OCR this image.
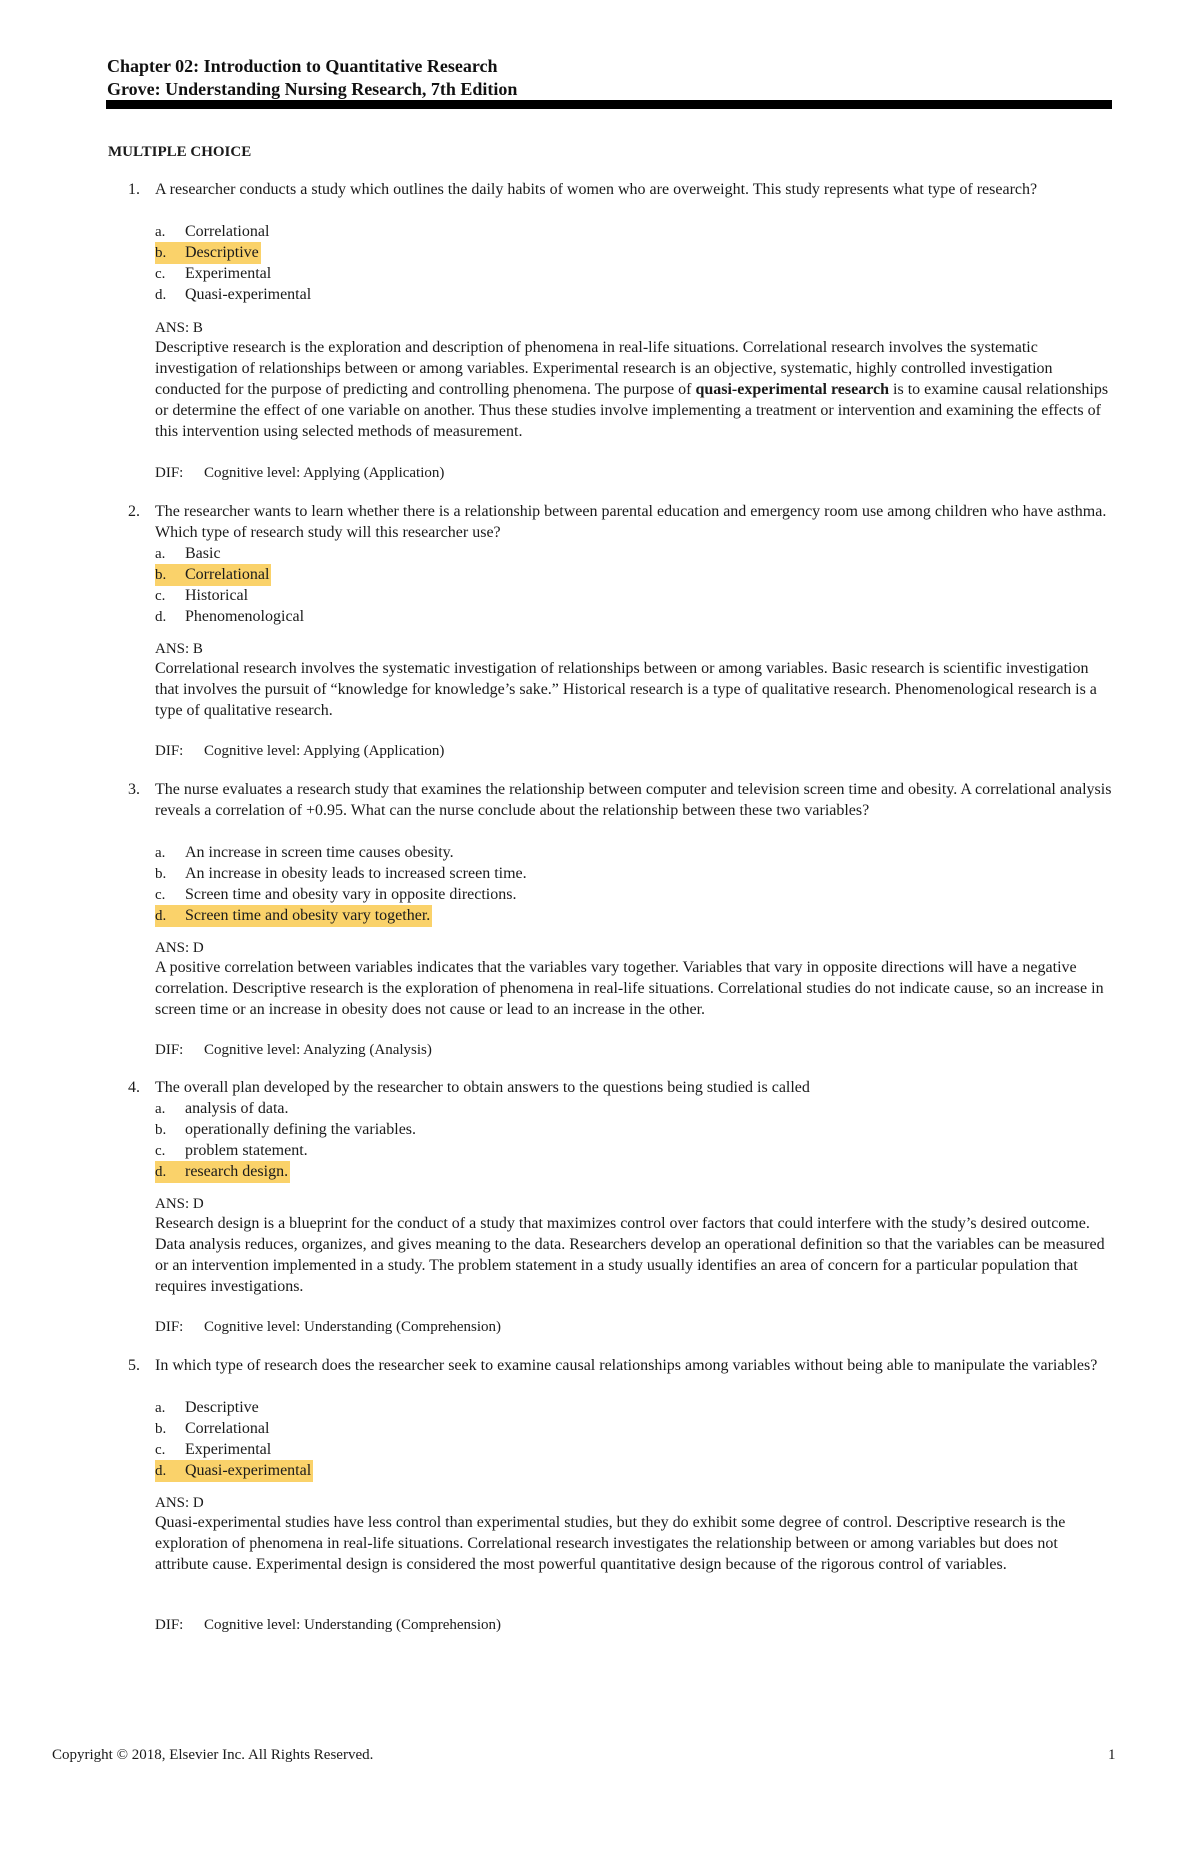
Chapter 02: Introduction to Quantitative Research
Grove: Understanding Nursing Research, 7th Edition
MULTIPLE CHOICE
1. A researcher conducts a study which outlines the daily habits of women who are overweight. This study represents what type of research?
a. Correlational
b. Descriptive
c. Experimental
d. Quasi-experimental
ANS: B
Descriptive research is the exploration and description of phenomena in real-life situations. Correlational research involves the systematic investigation of relationships between or among variables. Experimental research is an objective, systematic, highly controlled investigation conducted for the purpose of predicting and controlling phenomena. The purpose of quasi-experimental research is to examine causal relationships or determine the effect of one variable on another. Thus these studies involve implementing a treatment or intervention and examining the effects of this intervention using selected methods of measurement.
DIF: Cognitive level: Applying (Application)
2. The researcher wants to learn whether there is a relationship between parental education and emergency room use among children who have asthma. Which type of research study will this researcher use?
a. Basic
b. Correlational
c. Historical
d. Phenomenological
ANS: B
Correlational research involves the systematic investigation of relationships between or among variables. Basic research is scientific investigation that involves the pursuit of “knowledge for knowledge’s sake.” Historical research is a type of qualitative research. Phenomenological research is a type of qualitative research.
DIF: Cognitive level: Applying (Application)
3. The nurse evaluates a research study that examines the relationship between computer and television screen time and obesity. A correlational analysis reveals a correlation of +0.95. What can the nurse conclude about the relationship between these two variables?
a. An increase in screen time causes obesity.
b. An increase in obesity leads to increased screen time.
c. Screen time and obesity vary in opposite directions.
d. Screen time and obesity vary together.
ANS: D
A positive correlation between variables indicates that the variables vary together. Variables that vary in opposite directions will have a negative correlation. Descriptive research is the exploration of phenomena in real-life situations. Correlational studies do not indicate cause, so an increase in screen time or an increase in obesity does not cause or lead to an increase in the other.
DIF: Cognitive level: Analyzing (Analysis)
4. The overall plan developed by the researcher to obtain answers to the questions being studied is called
a. analysis of data.
b. operationally defining the variables.
c. problem statement.
d. research design.
ANS: D
Research design is a blueprint for the conduct of a study that maximizes control over factors that could interfere with the study’s desired outcome. Data analysis reduces, organizes, and gives meaning to the data. Researchers develop an operational definition so that the variables can be measured or an intervention implemented in a study. The problem statement in a study usually identifies an area of concern for a particular population that requires investigations.
DIF: Cognitive level: Understanding (Comprehension)
5. In which type of research does the researcher seek to examine causal relationships among variables without being able to manipulate the variables?
a. Descriptive
b. Correlational
c. Experimental
d. Quasi-experimental
ANS: D
Quasi-experimental studies have less control than experimental studies, but they do exhibit some degree of control. Descriptive research is the exploration of phenomena in real-life situations. Correlational research investigates the relationship between or among variables but does not attribute cause. Experimental design is considered the most powerful quantitative design because of the rigorous control of variables.
DIF: Cognitive level: Understanding (Comprehension)
Copyright © 2018, Elsevier Inc. All Rights Reserved.	1
